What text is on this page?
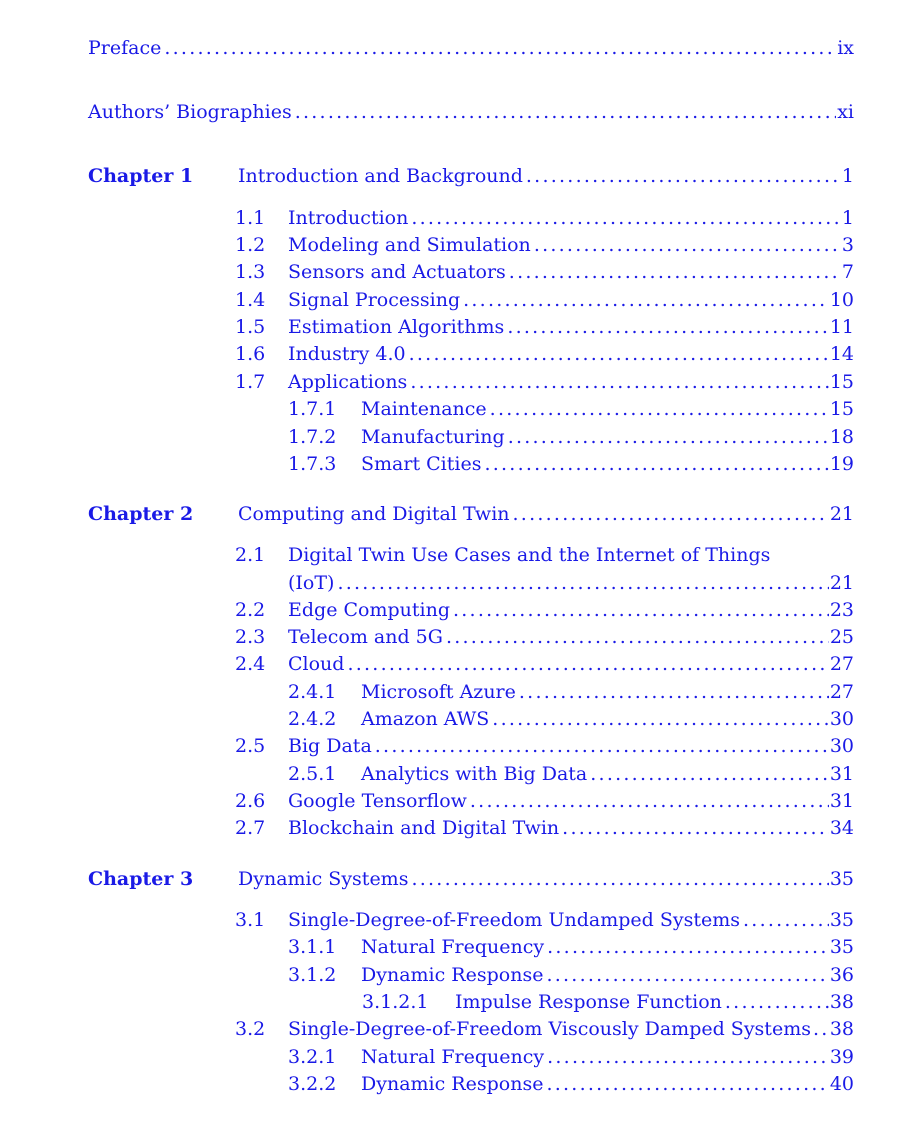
Preface . . .	ix
Authors’ Biographies . . .	xi
Chapter 1	Introduction and Background . . .	1
1.1	Introduction . . .	1
1.2	Modeling and Simulation . . .	3
1.3	Sensors and Actuators . . .	7
1.4	Signal Processing . . .	10
1.5	Estimation Algorithms . . .	11
1.6	Industry 4.0 . . .	14
1.7	Applications . . .	15
1.7.1	Maintenance . . .	15
1.7.2	Manufacturing . . .	18
1.7.3	Smart Cities . . .	19
Chapter 2	Computing and Digital Twin . . .	21
2.1 Digital Twin Use Cases and the Internet of Things
(IoT) . . .	21
2.2	Edge Computing . . .	23
2.3	Telecom and 5G . . .	25
2.4	Cloud . . .	27
2.4.1	Microsoft Azure . . .	27
2.4.2	Amazon AWS . . .	30
2.5	Big Data . . .	30
2.5.1	Analytics with Big Data . . .	31
2.6	Google Tensorflow . . .	31
2.7	Blockchain and Digital Twin . . .	34
Chapter 3	Dynamic Systems . . .	35
3.1	Single-Degree-of-Freedom Undamped Systems . . .	35
3.1.1	Natural Frequency . . .	35
3.1.2	Dynamic Response . . .	36
3.1.2.1	Impulse Response Function . . .	38
3.2	Single-Degree-of-Freedom Viscously Damped Systems . . . 38
3.2.1	Natural Frequency . . .	39
3.2.2	Dynamic Response . . .	40
